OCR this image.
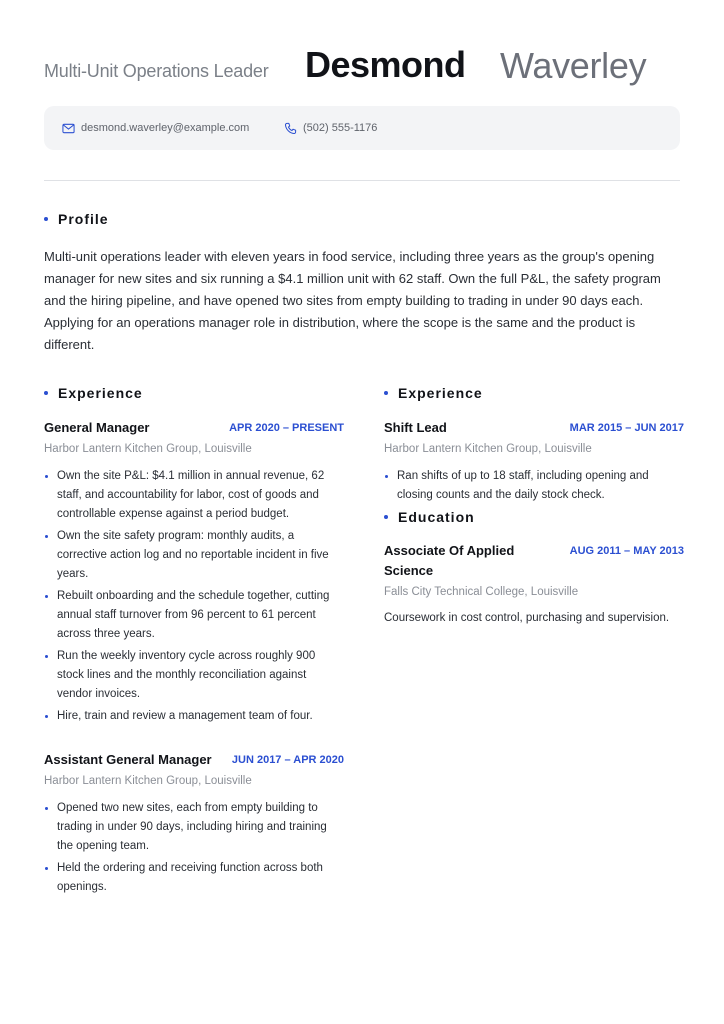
Multi-Unit Operations Leader Desmond Waverley
desmond.waverley@example.com	(502) 555-1176
Profile
Multi-unit operations leader with eleven years in food service, including three years as the group's opening manager for new sites and six running a $4.1 million unit with 62 staff. Own the full P&L, the safety program and the hiring pipeline, and have opened two sites from empty building to trading in under 90 days each. Applying for an operations manager role in distribution, where the scope is the same and the product is different.
Experience
General Manager	APR 2020 – PRESENT
Harbor Lantern Kitchen Group, Louisville
Own the site P&L: $4.1 million in annual revenue, 62 staff, and accountability for labor, cost of goods and controllable expense against a period budget.
Own the site safety program: monthly audits, a corrective action log and no reportable incident in five years.
Rebuilt onboarding and the schedule together, cutting annual staff turnover from 96 percent to 61 percent across three years.
Run the weekly inventory cycle across roughly 900 stock lines and the monthly reconciliation against vendor invoices.
Hire, train and review a management team of four.
Assistant General Manager JUN 2017 – APR 2020
Harbor Lantern Kitchen Group, Louisville
Opened two new sites, each from empty building to trading in under 90 days, including hiring and training the opening team.
Held the ordering and receiving function across both openings.
Experience
Shift Lead	MAR 2015 – JUN 2017
Harbor Lantern Kitchen Group, Louisville
Ran shifts of up to 18 staff, including opening and closing counts and the daily stock check.
Education
Associate Of Applied Science
AUG 2011 – MAY 2013
Falls City Technical College, Louisville
Coursework in cost control, purchasing and supervision.
